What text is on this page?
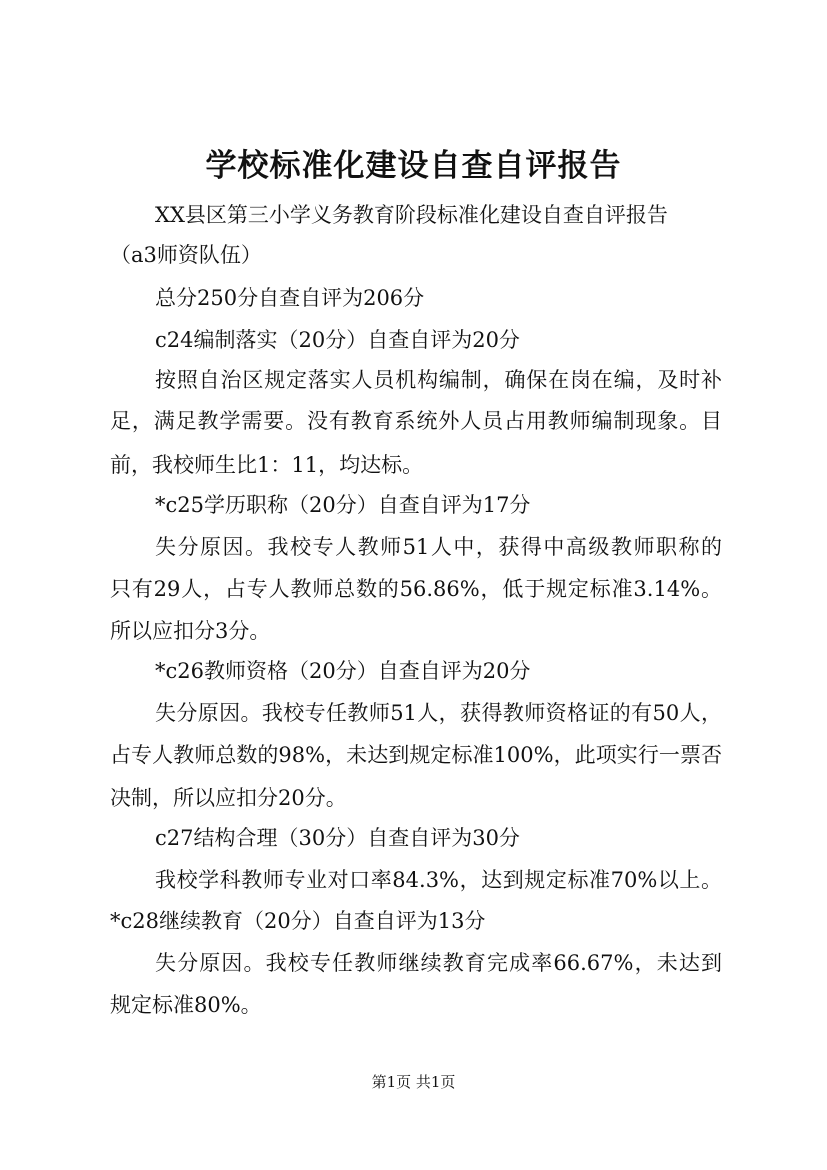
学校标准化建设自查自评报告
XX县区第三小学义务教育阶段标准化建设自查自评报告
（a3师资队伍）
总分250分自查自评为206分
c24编制落实（20分）自查自评为20分
按照自治区规定落实人员机构编制，确保在岗在编，及时补
足，满足教学需要。没有教育系统外人员占用教师编制现象。目
前，我校师生比1：11，均达标。
*c25学历职称（20分）自查自评为17分
失分原因。我校专人教师51人中，获得中高级教师职称的
只有29人，占专人教师总数的56.86%，低于规定标准3.14%。
所以应扣分3分。
*c26教师资格（20分）自查自评为20分
失分原因。我校专任教师51人，获得教师资格证的有50人，
占专人教师总数的98%，未达到规定标准100%，此项实行一票否
决制，所以应扣分20分。
c27结构合理（30分）自查自评为30分
我校学科教师专业对口率84.3%，达到规定标准70%以上。
*c28继续教育（20分）自查自评为13分
失分原因。我校专任教师继续教育完成率66.67%，未达到
规定标准80%。
第1页 共1页
